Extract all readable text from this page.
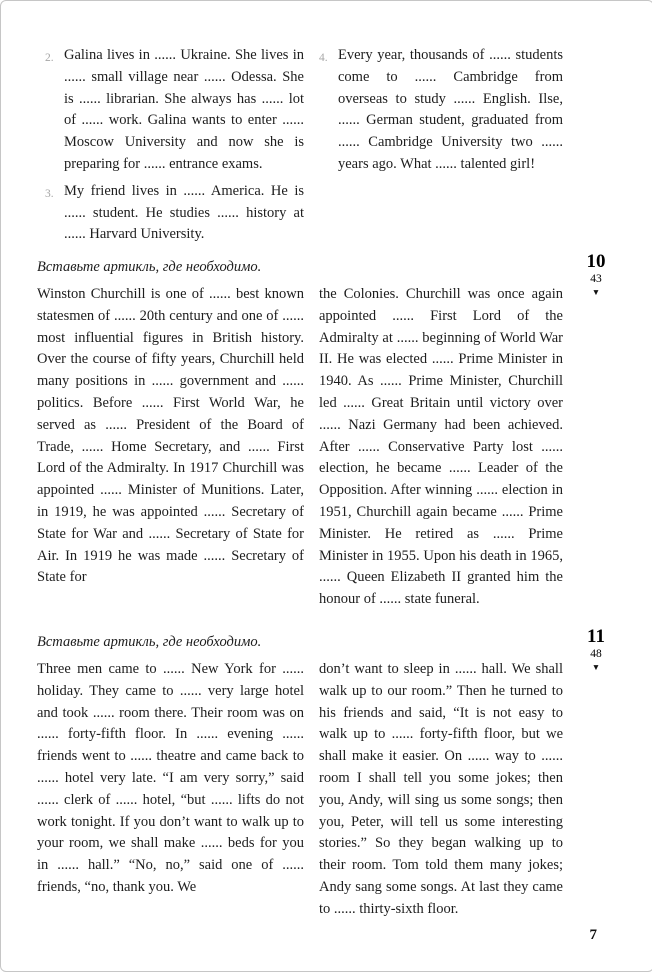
2. Galina lives in ...... Ukraine. She lives in ...... small village near ...... Odessa. She is ...... librarian. She always has ...... lot of ...... work. Galina wants to enter ...... Moscow University and now she is preparing for ...... entrance exams.
3. My friend lives in ...... America. He is ...... student. He studies ...... history at ...... Harvard University.
4. Every year, thousands of ...... students come to ...... Cambridge from overseas to study ...... English. Ilse, ...... German student, graduated from ...... Cambridge University two ...... years ago. What ...... talented girl!

Вставьте артикль, где необходимо.

Winston Churchill is one of ...... best known statesmen of ...... 20th century and one of ...... most influential figures in British history. Over the course of fifty years, Churchill held many positions in ...... government and ...... politics. Before ...... First World War, he served as ...... President of the Board of Trade, ...... Home Secretary, and ...... First Lord of the Admiralty. In 1917 Churchill was appointed ...... Minister of Munitions. Later, in 1919, he was appointed ...... Secretary of State for War and ...... Secretary of State for Air. In 1919 he was made ...... Secretary of State for
the Colonies. Churchill was once again appointed ...... First Lord of the Admiralty at ...... beginning of World War II. He was elected ...... Prime Minister in 1940. As ...... Prime Minister, Churchill led ...... Great Britain until victory over ...... Nazi Germany had been achieved. After ...... Conservative Party lost ...... election, he became ...... Leader of the Opposition. After winning ...... election in 1951, Churchill again became ...... Prime Minister. He retired as ...... Prime Minister in 1955. Upon his death in 1965, ...... Queen Elizabeth II granted him the honour of ...... state funeral.
10
43
▼

Вставьте артикль, где необходимо.

Three men came to ...... New York for ...... holiday. They came to ...... very large hotel and took ...... room there. Their room was on ...... forty-fifth floor. In ...... evening ...... friends went to ...... theatre and came back to ...... hotel very late. “I am very sorry,” said ...... clerk of ...... hotel, “but ...... lifts do not work tonight. If you don’t want to walk up to your room, we shall make ...... beds for you in ...... hall.” “No, no,” said one of ...... friends, “no, thank you. We
don’t want to sleep in ...... hall. We shall walk up to our room.” Then he turned to his friends and said, “It is not easy to walk up to ...... forty-fifth floor, but we shall make it easier. On ...... way to ...... room I shall tell you some jokes; then you, Andy, will sing us some songs; then you, Peter, will tell us some interesting stories.” So they began walking up to their room. Tom told them many jokes; Andy sang some songs. At last they came to ...... thirty-sixth floor.
11
48
▼
7
